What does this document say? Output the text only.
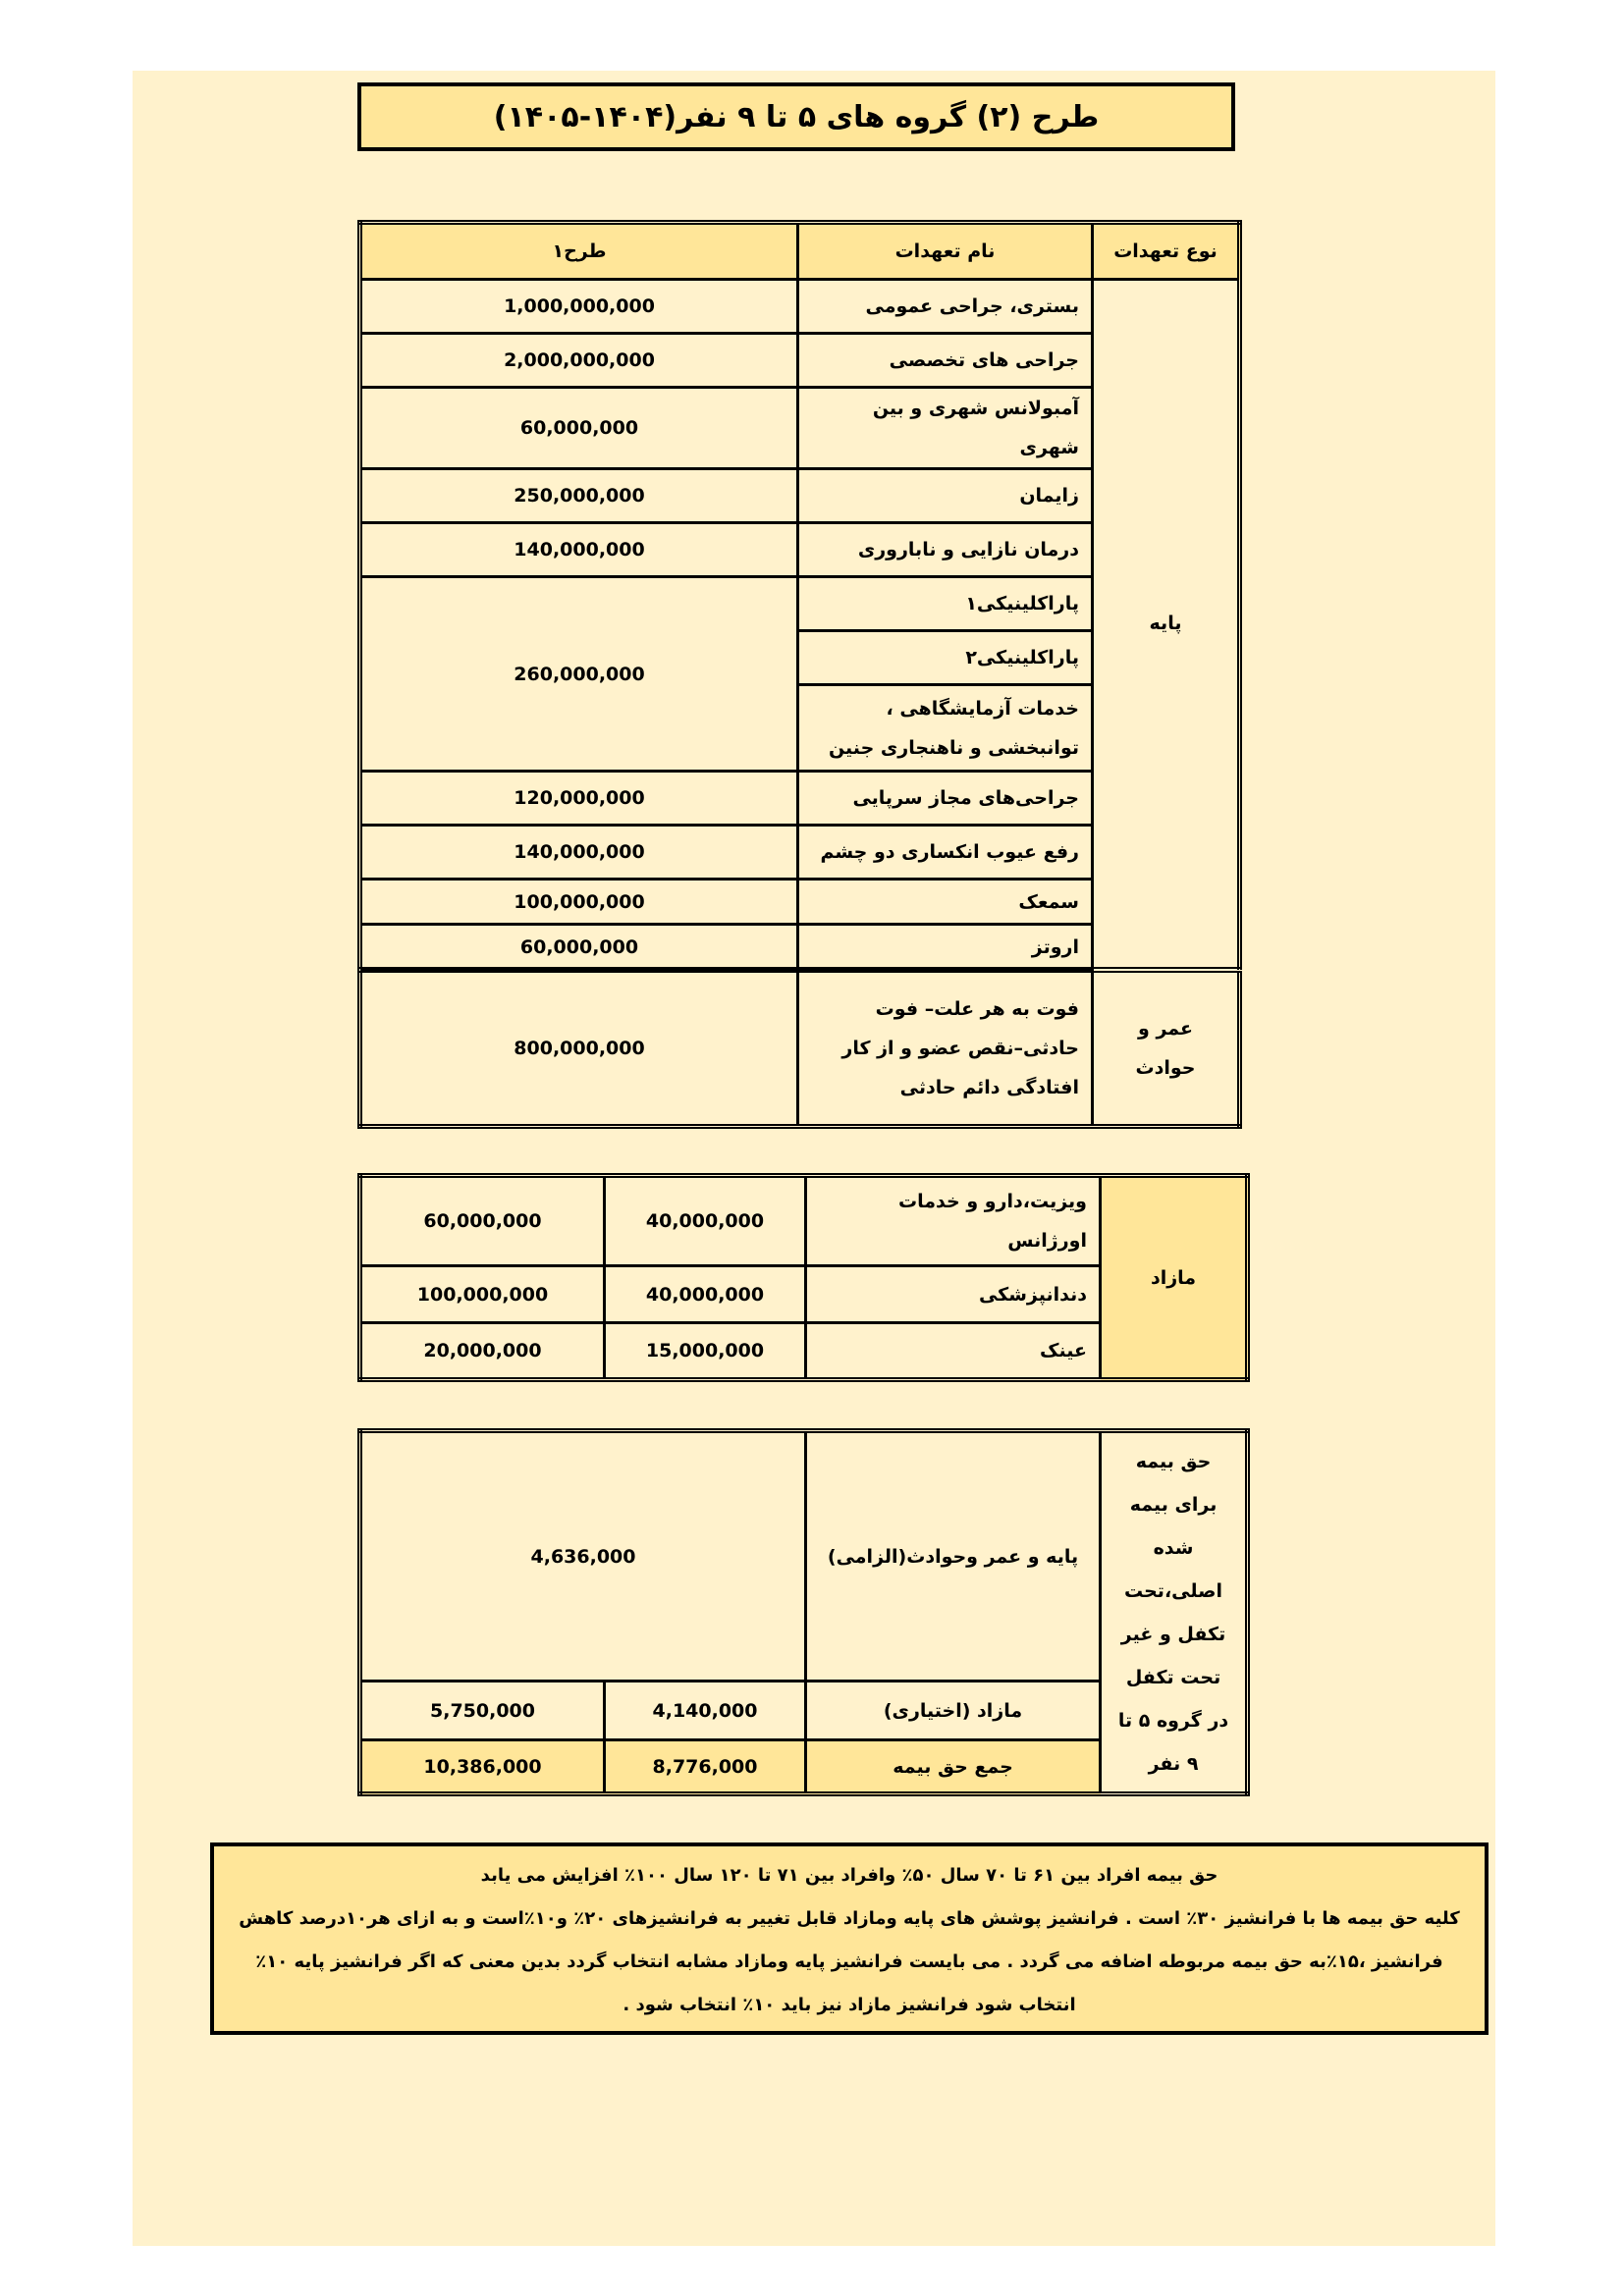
طرح (۲) گروه های ۵ تا ۹ نفر(۱۴۰۴-۱۴۰۵)
نوع تعهدات	نام تعهدات	طرح۱
پایه	بستری، جراحی عمومی	1,000,000,000
	جراحی های تخصصی	2,000,000,000
	آمبولانس شهری و بین شهری	60,000,000
	زایمان	250,000,000
	درمان نازایی و ناباروری	140,000,000
	پاراکلینیکی۱	260,000,000
	پاراکلینیکی۲	
	خدمات آزمایشگاهی ، توانبخشی و ناهنجاری جنین	
	جراحی‌های مجاز سرپایی	120,000,000
	رفع عیوب انکساری دو چشم	140,000,000
	سمعک	100,000,000
	اروتز	60,000,000

عمر و حوادث	فوت به هر علت– فوت حادثی–نقص عضو و از کار افتادگی دائم حادثی	800,000,000
مازاد	ویزیت،دارو و خدمات اورژانس	40,000,000	60,000,000
	دندانپزشکی	40,000,000	100,000,000
	عینک	15,000,000	20,000,000
حق بیمه برای بیمه شده اصلی،تحت تکفل و غیر تحت تکفل در گروه ۵ تا ۹ نفر	پایه و عمر وحوادث(الزامی)	4,636,000	
	مازاد (اختیاری)	4,140,000	5,750,000
	جمع حق بیمه	8,776,000	10,386,000

حق بیمه افراد بین ۶۱ تا ۷۰ سال ۵۰٪ وافراد بین ۷۱ تا ۱۲۰ سال ۱۰۰٪ افزایش می یابد

کلیه حق بیمه ها با فرانشیز ۳۰٪ است . فرانشیز پوشش های پایه ومازاد قابل تغییر به فرانشیزهای ۲۰٪ و۱۰٪است و به ازای هر۱۰درصد کاهش فرانشیز ،۱۵٪به حق بیمه مربوطه اضافه می گردد . می بایست فرانشیز پایه ومازاد مشابه انتخاب گردد بدین معنی که اگر فرانشیز پایه ۱۰٪ انتخاب شود فرانشیز مازاد نیز باید ۱۰٪ انتخاب شود .
